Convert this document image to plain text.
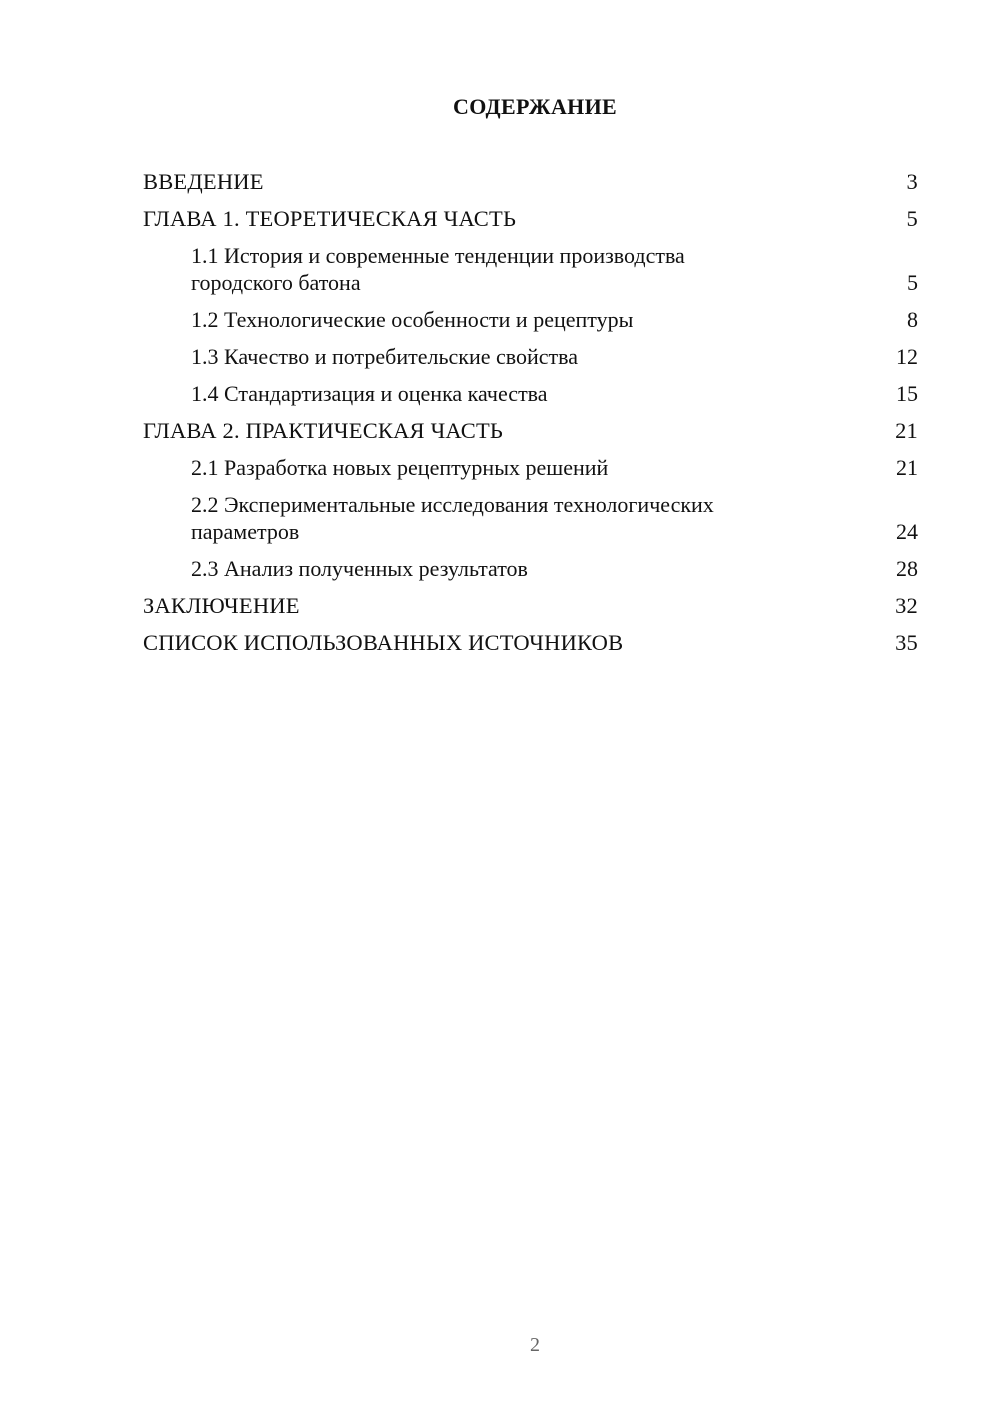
СОДЕРЖАНИЕ
ВВЕДЕНИЕ	3
ГЛАВА 1. ТЕОРЕТИЧЕСКАЯ ЧАСТЬ	5
1.1 История и современные тенденции производства городского батона	5
1.2 Технологические особенности и рецептуры	8
1.3 Качество и потребительские свойства	12
1.4 Стандартизация и оценка качества	15
ГЛАВА 2. ПРАКТИЧЕСКАЯ ЧАСТЬ	21
2.1 Разработка новых рецептурных решений	21
2.2 Экспериментальные исследования технологических параметров	24
2.3 Анализ полученных результатов	28
ЗАКЛЮЧЕНИЕ	32
СПИСОК ИСПОЛЬЗОВАННЫХ ИСТОЧНИКОВ	35
2
